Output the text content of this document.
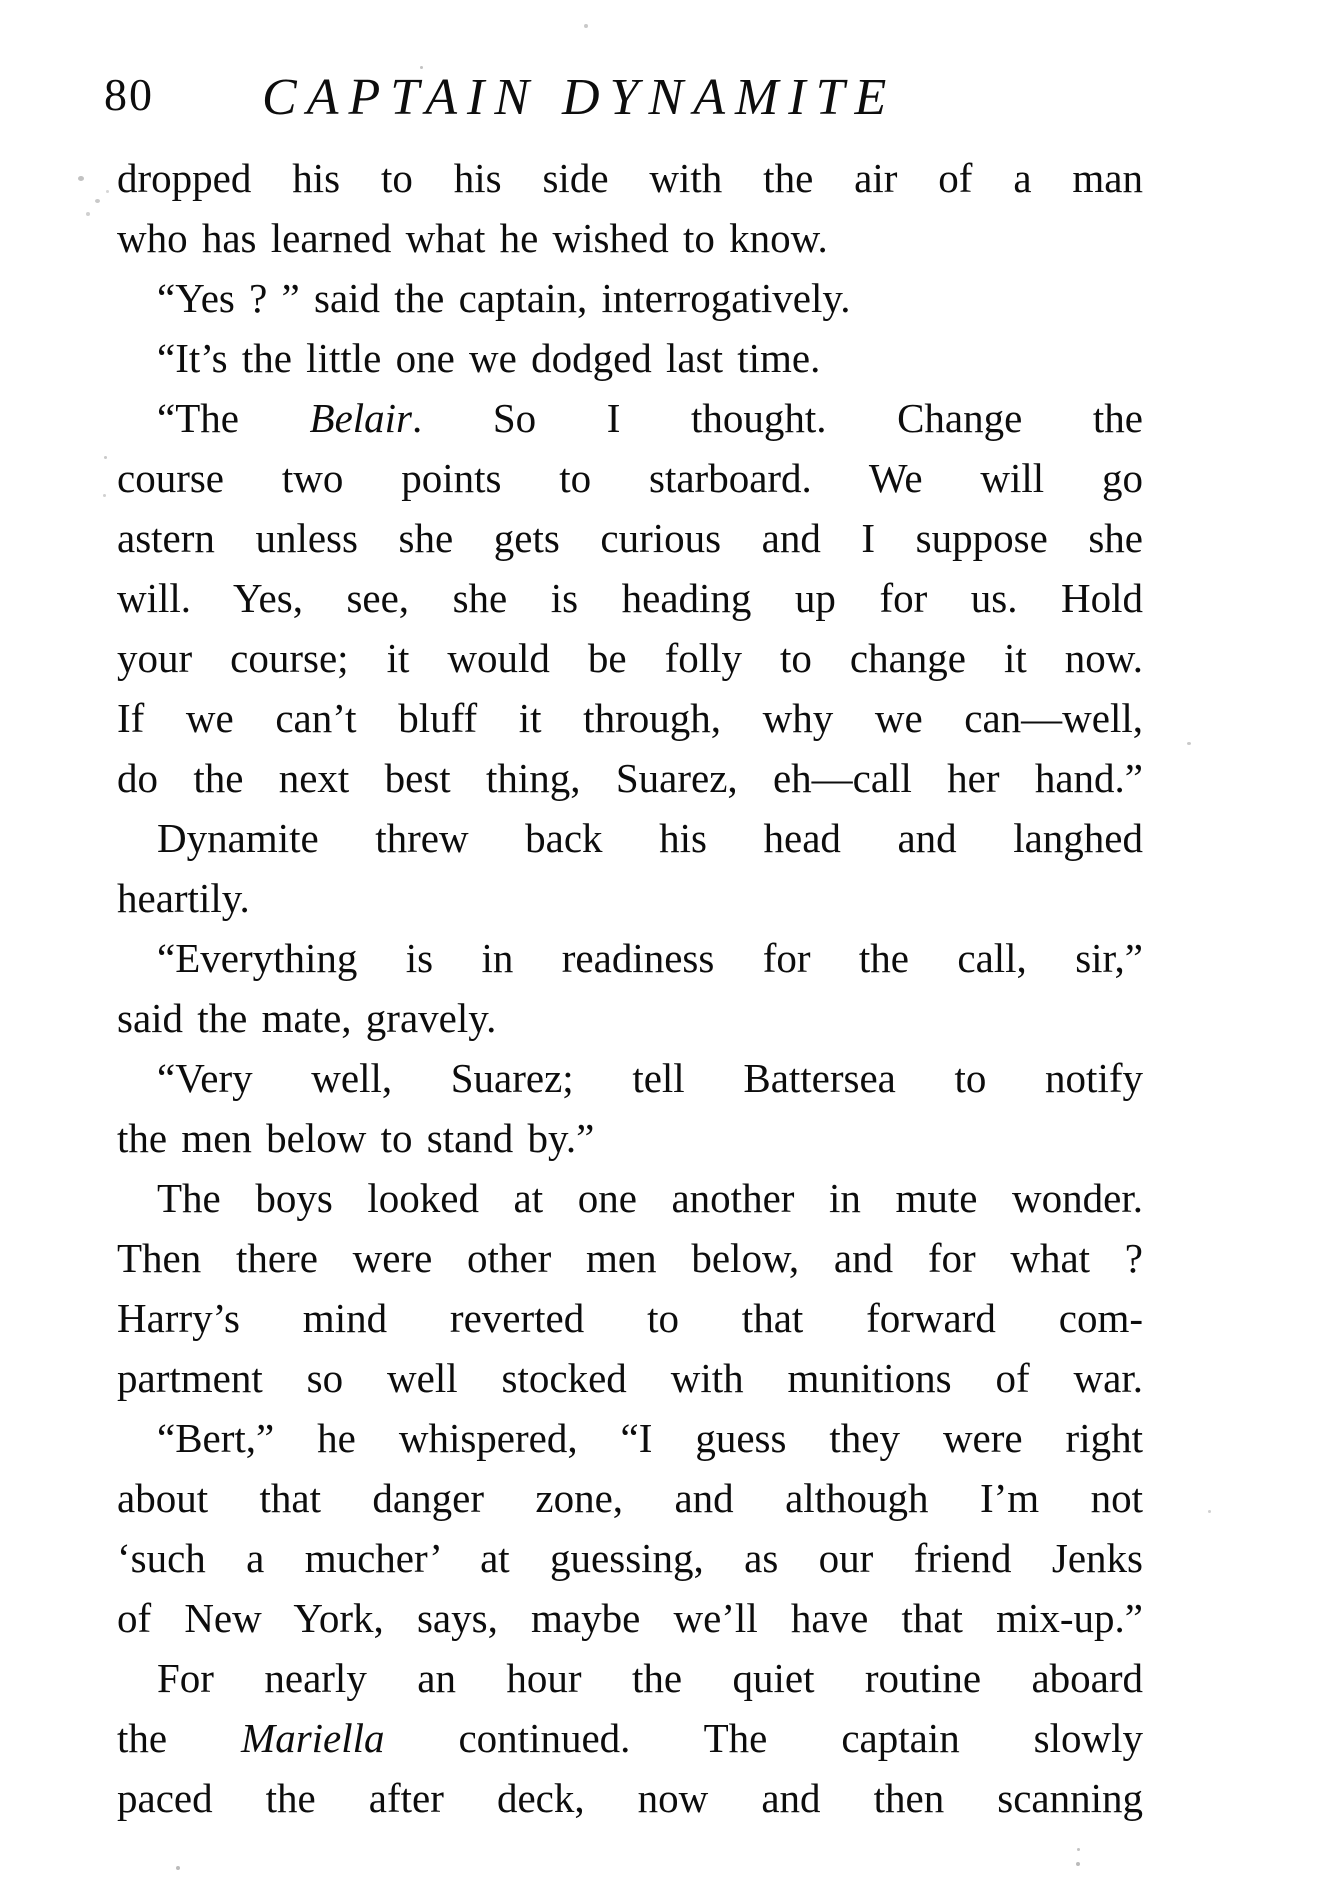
80 CAPTAIN DYNAMITE
dropped his to his side with the air of a man
who has learned what he wished to know.
“Yes ? ” said the captain, interrogatively.
“It’s the little one we dodged last time.
“The Belair. So I thought. Change the
course two points to starboard. We will go
astern unless she gets curious and I suppose she
will. Yes, see, she is heading up for us. Hold
your course; it would be folly to change it now.
If we can’t bluff it through, why we can—well,
do the next best thing, Suarez, eh—call her hand.”
Dynamite threw back his head and langhed
heartily.
“Everything is in readiness for the call, sir,”
said the mate, gravely.
“Very well, Suarez; tell Battersea to notify
the men below to stand by.”
The boys looked at one another in mute wonder.
Then there were other men below, and for what ?
Harry’s mind reverted to that forward com-
partment so well stocked with munitions of war.
“Bert,” he whispered, “I guess they were right
about that danger zone, and although I’m not
‘such a mucher’ at guessing, as our friend Jenks
of New York, says, maybe we’ll have that mix-up.”
For nearly an hour the quiet routine aboard
the Mariella continued. The captain slowly
paced the after deck, now and then scanning
